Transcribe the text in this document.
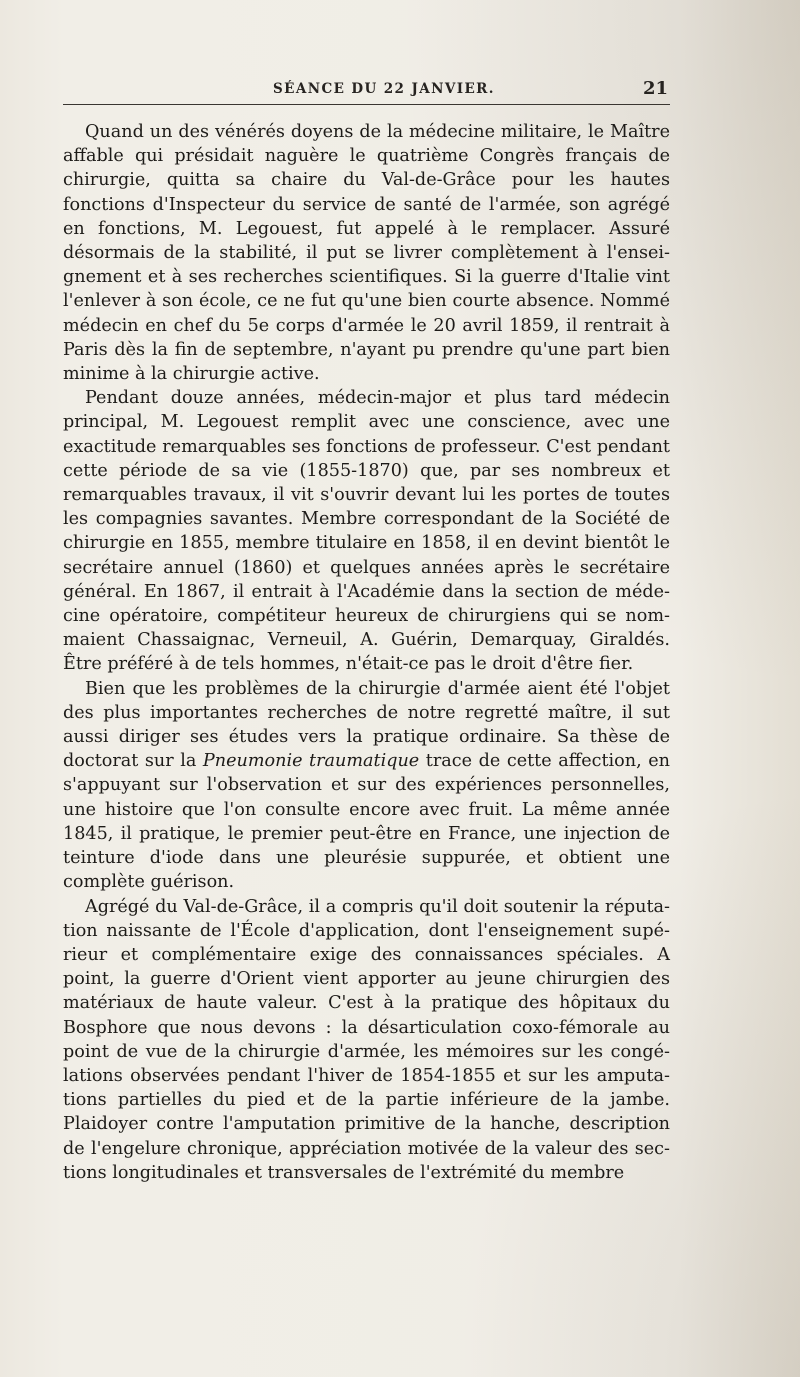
SÉANCE DU 22 JANVIER.	21

Quand un des vénérés doyens de la médecine militaire, le Maître affable qui présidait naguère le quatrième Congrès français de chirurgie, quitta sa chaire du Val-de-Grâce pour les hautes fonctions d'Inspecteur du service de santé de l'armée, son agrégé en fonctions, M. Legouest, fut appelé à le remplacer. Assuré désormais de la stabilité, il put se livrer complètement à l'enseignement et à ses recherches scientifiques. Si la guerre d'Italie vint l'enlever à son école, ce ne fut qu'une bien courte absence. Nommé médecin en chef du 5e corps d'armée le 20 avril 1859, il rentrait à Paris dès la fin de septembre, n'ayant pu prendre qu'une part bien minime à la chirurgie active.

Pendant douze années, médecin-major et plus tard médecin principal, M. Legouest remplit avec une conscience, avec une exactitude remarquables ses fonctions de professeur. C'est pendant cette période de sa vie (1855-1870) que, par ses nombreux et remarquables travaux, il vit s'ouvrir devant lui les portes de toutes les compagnies savantes. Membre correspondant de la Société de chirurgie en 1855, membre titulaire en 1858, il en devint bientôt le secrétaire annuel (1860) et quelques années après le secrétaire général. En 1867, il entrait à l'Académie dans la section de médecine opératoire, compétiteur heureux de chirurgiens qui se nommaient Chassaignac, Verneuil, A. Guérin, Demarquay, Giraldés. Être préféré à de tels hommes, n'était-ce pas le droit d'être fier.

Bien que les problèmes de la chirurgie d'armée aient été l'objet des plus importantes recherches de notre regretté maître, il sut aussi diriger ses études vers la pratique ordinaire. Sa thèse de doctorat sur la Pneumonie traumatique trace de cette affection, en s'appuyant sur l'observation et sur des expériences personnelles, une histoire que l'on consulte encore avec fruit. La même année 1845, il pratique, le premier peut-être en France, une injection de teinture d'iode dans une pleurésie suppurée, et obtient une complète guérison.

Agrégé du Val-de-Grâce, il a compris qu'il doit soutenir la réputation naissante de l'École d'application, dont l'enseignement supérieur et complémentaire exige des connaissances spéciales. A point, la guerre d'Orient vient apporter au jeune chirurgien des matériaux de haute valeur. C'est à la pratique des hôpitaux du Bosphore que nous devons : la désarticulation coxo-fémorale au point de vue de la chirurgie d'armée, les mémoires sur les congélations observées pendant l'hiver de 1854-1855 et sur les amputations partielles du pied et de la partie inférieure de la jambe. Plaidoyer contre l'amputation primitive de la hanche, description de l'engelure chronique, appréciation motivée de la valeur des sections longitudinales et transversales de l'extrémité du membre
